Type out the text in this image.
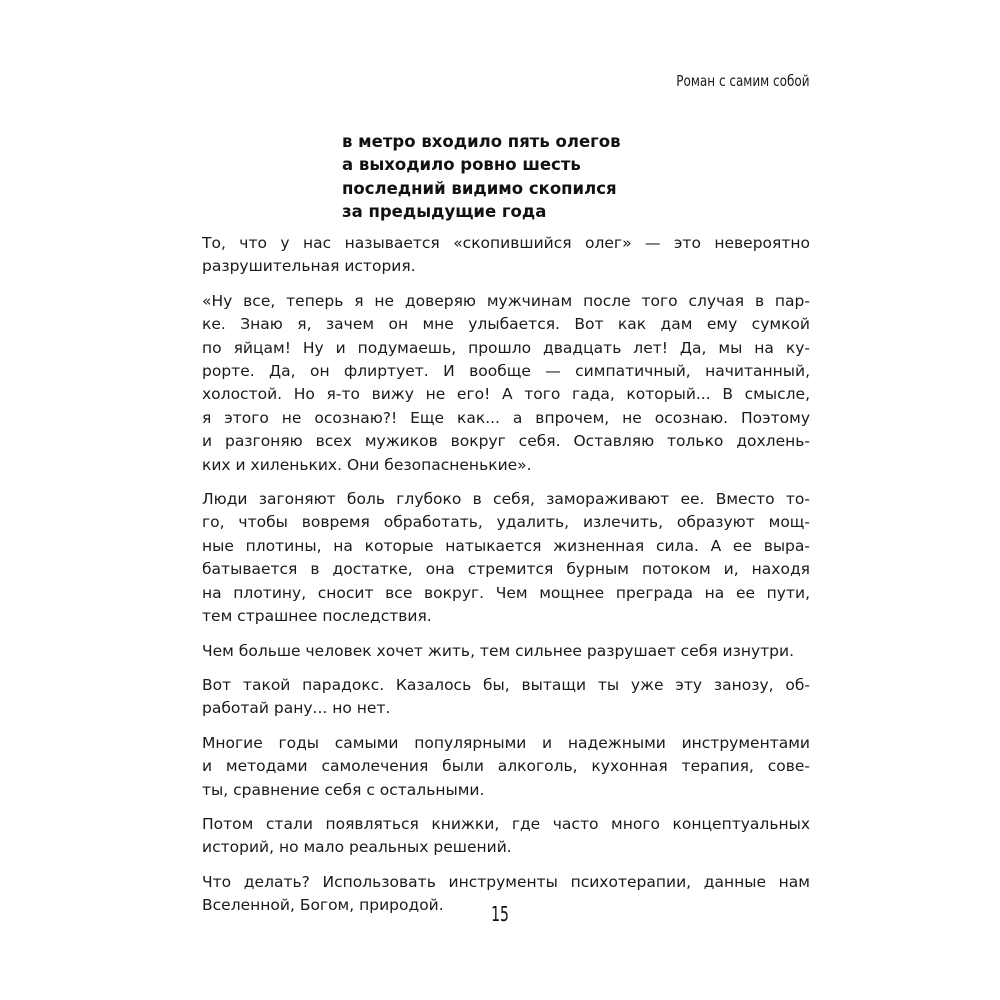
Роман с самим собой
в метро входило пять олегов
а выходило ровно шесть
последний видимо скопился
за предыдущие года
То, что у нас называется «скопившийся олег» — это невероятно
разрушительная история.
«Ну все, теперь я не доверяю мужчинам после того случая в пар-
ке. Знаю я, зачем он мне улыбается. Вот как дам ему сумкой
по яйцам! Ну и подумаешь, прошло двадцать лет! Да, мы на ку-
рорте. Да, он флиртует. И вообще — симпатичный, начитанный,
холостой. Но я-то вижу не его! А того гада, который... В смысле,
я этого не осознаю?! Еще как... а впрочем, не осознаю. Поэтому
и разгоняю всех мужиков вокруг себя. Оставляю только дохлень-
ких и хиленьких. Они безопасненькие».
Люди загоняют боль глубоко в себя, замораживают ее. Вместо то-
го, чтобы вовремя обработать, удалить, излечить, образуют мощ-
ные плотины, на которые натыкается жизненная сила. А ее выра-
батывается в достатке, она стремится бурным потоком и, находя
на плотину, сносит все вокруг. Чем мощнее преграда на ее пути,
тем страшнее последствия.
Чем больше человек хочет жить, тем сильнее разрушает себя изнутри.
Вот такой парадокс. Казалось бы, вытащи ты уже эту занозу, об-
работай рану... но нет.
Многие годы самыми популярными и надежными инструментами
и методами самолечения были алкоголь, кухонная терапия, сове-
ты, сравнение себя с остальными.
Потом стали появляться книжки, где часто много концептуальных
историй, но мало реальных решений.
Что делать? Использовать инструменты психотерапии, данные нам
Вселенной, Богом, природой.	15
